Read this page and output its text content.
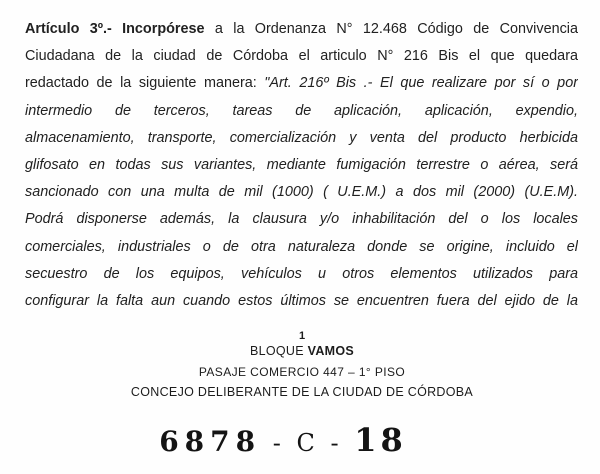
Artículo 3º.- Incorpórese a la Ordenanza N° 12.468 Código de Convivencia
Ciudadana de la ciudad de Córdoba el articulo N° 216 Bis el que quedara
redactado de la siguiente manera: "Art. 216º Bis .- El que realizare por sí o por
intermedio de terceros, tareas de aplicación, aplicación, expendio,
almacenamiento, transporte, comercialización y venta del producto herbicida
glifosato en todas sus variantes, mediante fumigación terrestre o aérea, será
sancionado con una multa de mil (1000) ( U.E.M.) a dos mil (2000) (U.E.M).
Podrá disponerse además, la clausura y/o inhabilitación del o los locales
comerciales, industriales o de otra naturaleza donde se origine, incluido el
secuestro de los equipos, vehículos u otros elementos utilizados para
configurar la falta aun cuando estos últimos se encuentren fuera del ejido de la
1
BLOQUE VAMOS
PASAJE COMERCIO 447 – 1° PISO
CONCEJO DELIBERANTE DE LA CIUDAD DE CÓRDOBA
6878 - C - 18
